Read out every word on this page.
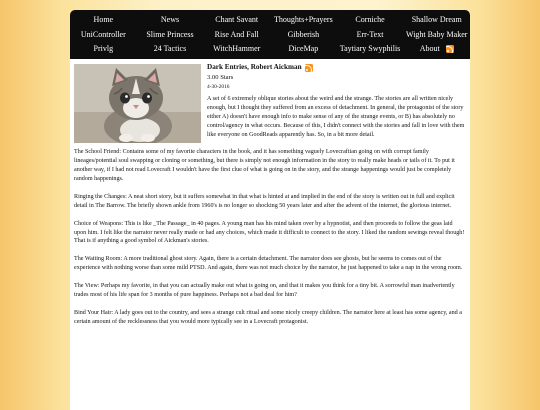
Home	News	Chant Savant	Thoughts+Prayers	Corniche	Shallow Dream
UniController	Slime Princess	Rise And Fall	Gibberish	Err-Text	Wight Baby Maker
Privlg	24 Tactics	WitchHammer	DiceMap	Taytiary Swyphilis	About
Dark Entries, Robert Aickman
3.00 Stars
4-30-2016

A set of 6 extremely oblique stories about the weird and the strange. The stories are all written nicely enough, but I thought they suffered from an excess of detachment. In general, the protagonist of the story either A) doesn't have enough info to make sense of any of the strange events, or B) has absolutely no control/agency in what occurs. Because of this, I didn't connect with the stories and fall in love with them like everyone on GoodReads apparently has. So, in a bit more detail.

The School Friend: Contains some of my favorite characters in the book, and it has something vaguely Lovecraftian going on with corrupt family lineages/potential soul swapping or cloning or something, but there is simply not enough information in the story to really make heads or tails of it. To put it another way, if I had not read Lovecraft I wouldn't have the first clue of what is going on in the story, and the strange happenings would just be completely random happenings.

Ringing the Changes: A neat short story, but it suffers somewhat in that what is hinted at and implied in the end of the story is written out in full and explicit detail in The Barrow. The briefly shown ankle from 1960's is no longer so shocking 50 years later and after the advent of the internet, the glorious internet.

Choice of Weapons: This is like _The Passage_ in 40 pages. A young man has his mind taken over by a hypnotist, and then proceeds to follow the geas laid upon him. I felt like the narrator never really made or had any choices, which made it difficult to connect to the story. I liked the random sewings reveal though! That is if anything a good symbol of Aickman's stories.

The Waiting Room: A more traditional ghost story. Again, there is a certain detachment. The narrator does see ghosts, but he seems to comes out of the experience with nothing worse than some mild PTSD. And again, there was not much choice by the narrator, he just happened to take a nap in the wrong room.

The View: Perhaps my favorite, in that you can actually make out what is going on, and that it makes you think for a tiny bit. A sorrowful man inadvertently trades most of his life span for 3 months of pure happiness. Perhaps not a bad deal for him?

Bind Your Hair: A lady goes out to the country, and sees a strange cult ritual and some nicely creepy children. The narrator here at least has some agency, and a certain amount of the recklessness that you would more typically see in a Lovecraft protagonist.
